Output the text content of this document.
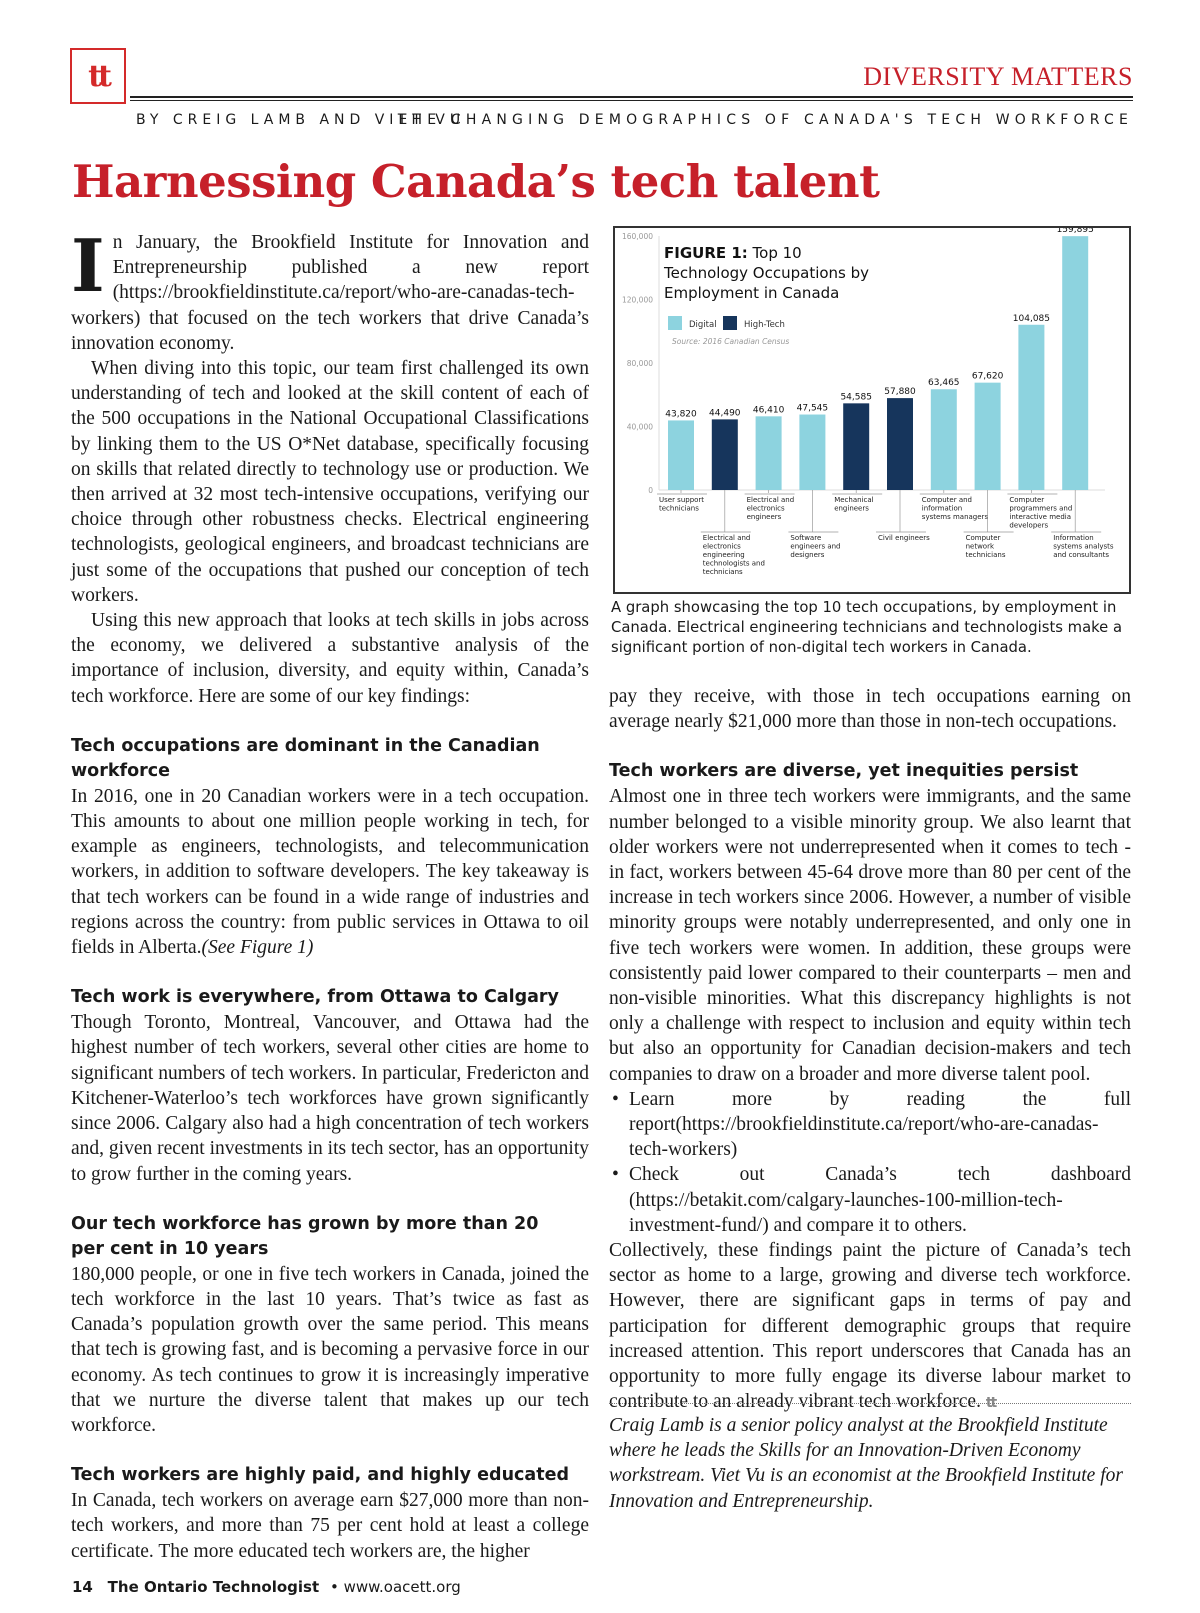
tt	DIVERSITY MATTERS
BY CREIG LAMB AND VIET VU
THE CHANGING DEMOGRAPHICS OF CANADA'S TECH WORKFORCE
Harnessing Canada’s tech talent

In January, the Brookfield Institute for Innovation and Entrepreneurship published a new report (https://brookfieldinstitute.ca/report/who-are-canadas-tech-workers) that focused on the tech workers that drive Canada’s innovation economy.

When diving into this topic, our team first challenged its own understanding of tech and looked at the skill content of each of the 500 occupations in the National Occupational Classifications by linking them to the US O*Net database, specifically focusing on skills that related directly to technology use or production. We then arrived at 32 most tech-intensive occupations, verifying our choice through other robustness checks. Electrical engineering technologists, geological engineers, and broadcast technicians are just some of the occupations that pushed our conception of tech workers.

Using this new approach that looks at tech skills in jobs across the economy, we delivered a substantive analysis of the importance of inclusion, diversity, and equity within, Canada’s tech workforce. Here are some of our key findings:

Tech occupations are dominant in the Canadian workforce

In 2016, one in 20 Canadian workers were in a tech occupation. This amounts to about one million people working in tech, for example as engineers, technologists, and telecommunication workers, in addition to software developers. The key takeaway is that tech workers can be found in a wide range of industries and regions across the country: from public services in Ottawa to oil fields in Alberta.(See Figure 1)

Tech work is everywhere, from Ottawa to Calgary

Though Toronto, Montreal, Vancouver, and Ottawa had the highest number of tech workers, several other cities are home to significant numbers of tech workers. In particular, Fredericton and Kitchener-Waterloo’s tech workforces have grown significantly since 2006. Calgary also had a high concentration of tech workers and, given recent investments in its tech sector, has an opportunity to grow further in the coming years.

Our tech workforce has grown by more than 20 per cent in 10 years

180,000 people, or one in five tech workers in Canada, joined the tech workforce in the last 10 years. That’s twice as fast as Canada’s population growth over the same period. This means that tech is growing fast, and is becoming a pervasive force in our economy. As tech continues to grow it is increasingly imperative that we nurture the diverse talent that makes up our tech workforce.

Tech workers are highly paid, and highly educated

In Canada, tech workers on average earn $27,000 more than non-tech workers, and more than 75 per cent hold at least a college certificate. The more educated tech workers are, the higher

0
40,000
80,000
120,000
160,000
43,820
User support technicians
44,490
Electrical and electronics engineering technologists and technicians
46,410
Electrical and electronics engineers
47,545
Software engineers and designers
54,585
Mechanical engineers
57,880
Civil engineers
63,465
Computer and information systems managers
67,620
Computer network technicians
104,085
Computer programmers and interactive media developers
159,895
Information systems analysts and consultants
FIGURE 1: Top 10
Technology Occupations by
Employment in Canada
Digital	High-Tech
Source: 2016 Canadian Census
A graph showcasing the top 10 tech occupations, by employment in Canada. Electrical engineering technicians and technologists make a significant portion of non-digital tech workers in Canada.

pay they receive, with those in tech occupations earning on average nearly $21,000 more than those in non-tech occupations.

Tech workers are diverse, yet inequities persist

Almost one in three tech workers were immigrants, and the same number belonged to a visible minority group. We also learnt that older workers were not underrepresented when it comes to tech - in fact, workers between 45-64 drove more than 80 per cent of the increase in tech workers since 2006. However, a number of visible minority groups were notably underrepresented, and only one in five tech workers were women. In addition, these groups were consistently paid lower compared to their counterparts – men and non-visible minorities. What this discrepancy highlights is not only a challenge with respect to inclusion and equity within tech but also an opportunity for Canadian decision-makers and tech companies to draw on a broader and more diverse talent pool.

• Learn more by reading the full report(https://brookfieldinstitute.ca/report/who-are-canadas-tech-workers)
• Check out Canada’s tech dashboard (https://betakit.com/calgary-launches-100-million-tech-investment-fund/) and compare it to others.

Collectively, these findings paint the picture of Canada’s tech sector as home to a large, growing and diverse tech workforce. However, there are significant gaps in terms of pay and participation for different demographic groups that require increased attention. This report underscores that Canada has an opportunity to more fully engage its diverse labour market to contribute to an already vibrant tech workforce. tt

Craig Lamb is a senior policy analyst at the Brookfield Institute where he leads the Skills for an Innovation-Driven Economy workstream. Viet Vu is an economist at the Brookfield Institute for Innovation and Entrepreneurship.
14 The Ontario Technologist • www.oacett.org
